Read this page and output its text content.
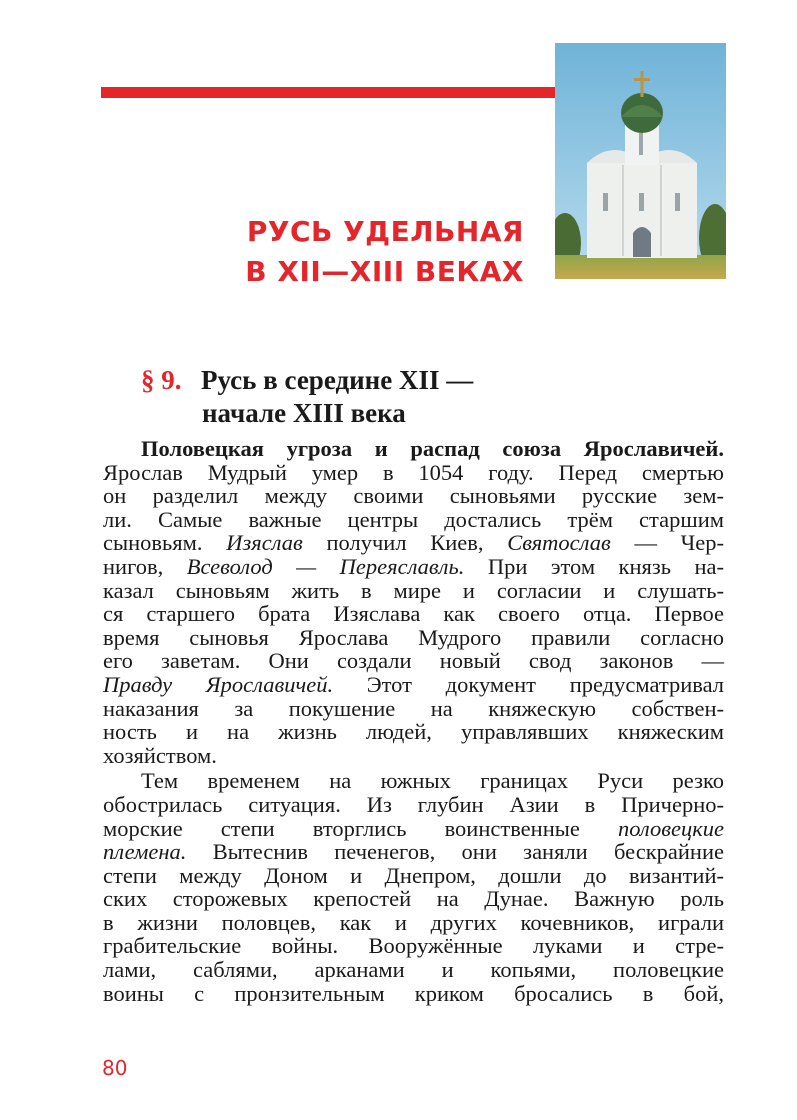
РУСЬ УДЕЛЬНАЯ
В XII—XIII ВЕКАХ
§ 9. Русь в середине XII —
начале XIII века
Половецкая угроза и распад союза Ярославичей.
Ярослав Мудрый умер в 1054 году. Перед смертью
он разделил между своими сыновьями русские зем-
ли. Самые важные центры достались трём старшим
сыновьям. Изяслав получил Киев, Святослав — Чер-
нигов, Всеволод — Переяславль. При этом князь на-
казал сыновьям жить в мире и согласии и слушать-
ся старшего брата Изяслава как своего отца. Первое
время сыновья Ярослава Мудрого правили согласно
его заветам. Они создали новый свод законов —
Правду Ярославичей. Этот документ предусматривал
наказания за покушение на княжескую собствен-
ность и на жизнь людей, управлявших княжеским
хозяйством.
Тем временем на южных границах Руси резко
обострилась ситуация. Из глубин Азии в Причерно-
морские степи вторглись воинственные половецкие
племена. Вытеснив печенегов, они заняли бескрайние
степи между Доном и Днепром, дошли до византий-
ских сторожевых крепостей на Дунае. Важную роль
в жизни половцев, как и других кочевников, играли
грабительские войны. Вооружённые луками и стре-
лами, саблями, арканами и копьями, половецкие
воины с пронзительным криком бросались в бой,
80
